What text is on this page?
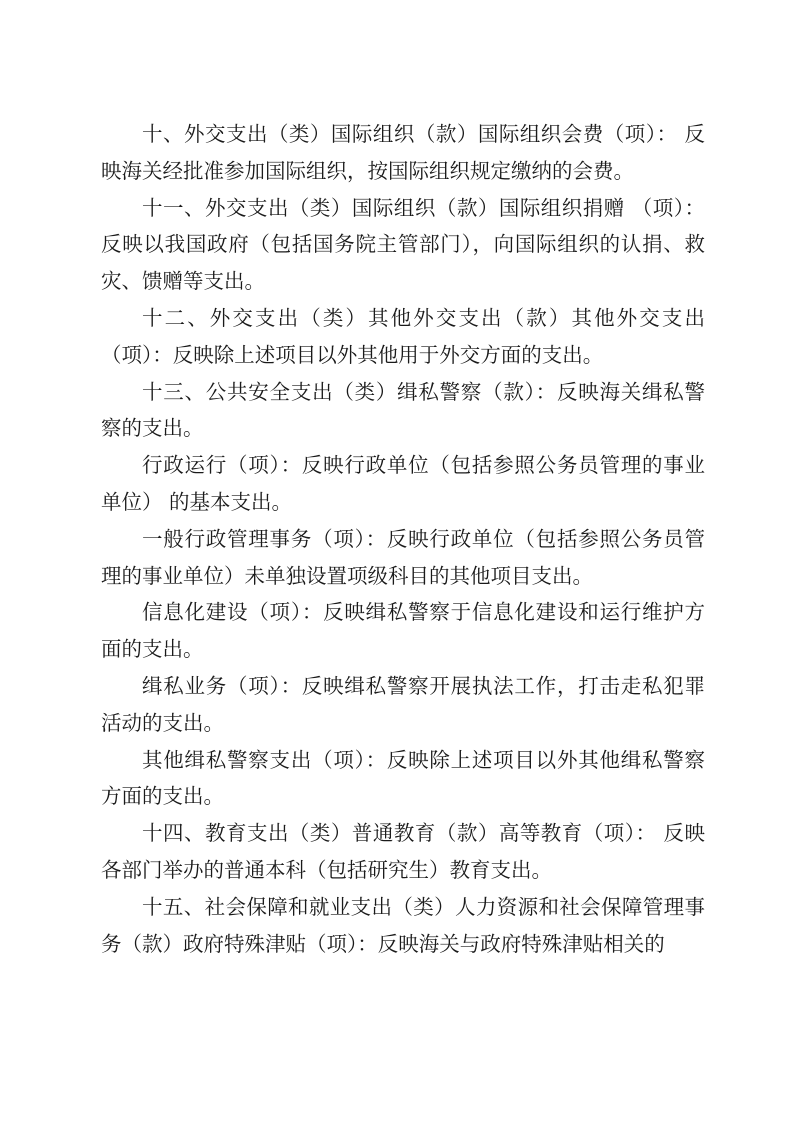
十、外交支出（类）国际组织（款）国际组织会费（项）： 反映海关经批准参加国际组织，按国际组织规定缴纳的会费。

十一、外交支出（类）国际组织（款）国际组织捐赠 （项）：反映以我国政府（包括国务院主管部门），向国际组织的认捐、救灾、馈赠等支出。

十二、外交支出（类）其他外交支出（款）其他外交支出（项）：反映除上述项目以外其他用于外交方面的支出。

十三、公共安全支出（类）缉私警察（款）：反映海关缉私警察的支出。

行政运行（项）：反映行政单位（包括参照公务员管理的事业单位） 的基本支出。

一般行政管理事务（项）：反映行政单位（包括参照公务员管理的事业单位）未单独设置项级科目的其他项目支出。

信息化建设（项）：反映缉私警察于信息化建设和运行维护方面的支出。

缉私业务（项）：反映缉私警察开展执法工作，打击走私犯罪活动的支出。

其他缉私警察支出（项）：反映除上述项目以外其他缉私警察方面的支出。

十四、教育支出（类）普通教育（款）高等教育（项）： 反映各部门举办的普通本科（包括研究生）教育支出。

十五、社会保障和就业支出（类）人力资源和社会保障管理事务（款）政府特殊津贴（项）：反映海关与政府特殊津贴相关的
